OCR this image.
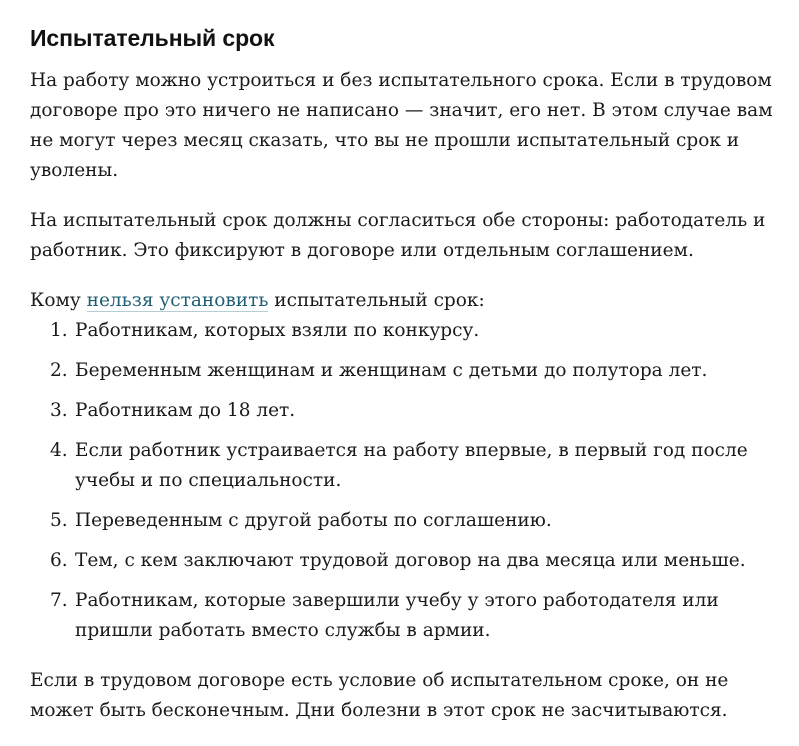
Испытательный срок

На работу можно устроиться и без испытательного срока. Если в трудовом договоре про это ничего не написано — значит, его нет. В этом случае вам не могут через месяц сказать, что вы не прошли испытательный срок и уволены.

На испытательный срок должны согласиться обе стороны: работодатель и работник. Это фиксируют в договоре или отдельным соглашением.

Кому нельзя установить испытательный срок:

1. Работникам, которых взяли по конкурсу.
2. Беременным женщинам и женщинам с детьми до полутора лет.
3. Работникам до 18 лет.
4. Если работник устраивается на работу впервые, в первый год после учебы и по специальности.
5. Переведенным с другой работы по соглашению.
6. Тем, с кем заключают трудовой договор на два месяца или меньше.
7. Работникам, которые завершили учебу у этого работодателя или пришли работать вместо службы в армии.

Если в трудовом договоре есть условие об испытательном сроке, он не может быть бесконечным. Дни болезни в этот срок не засчитываются.
